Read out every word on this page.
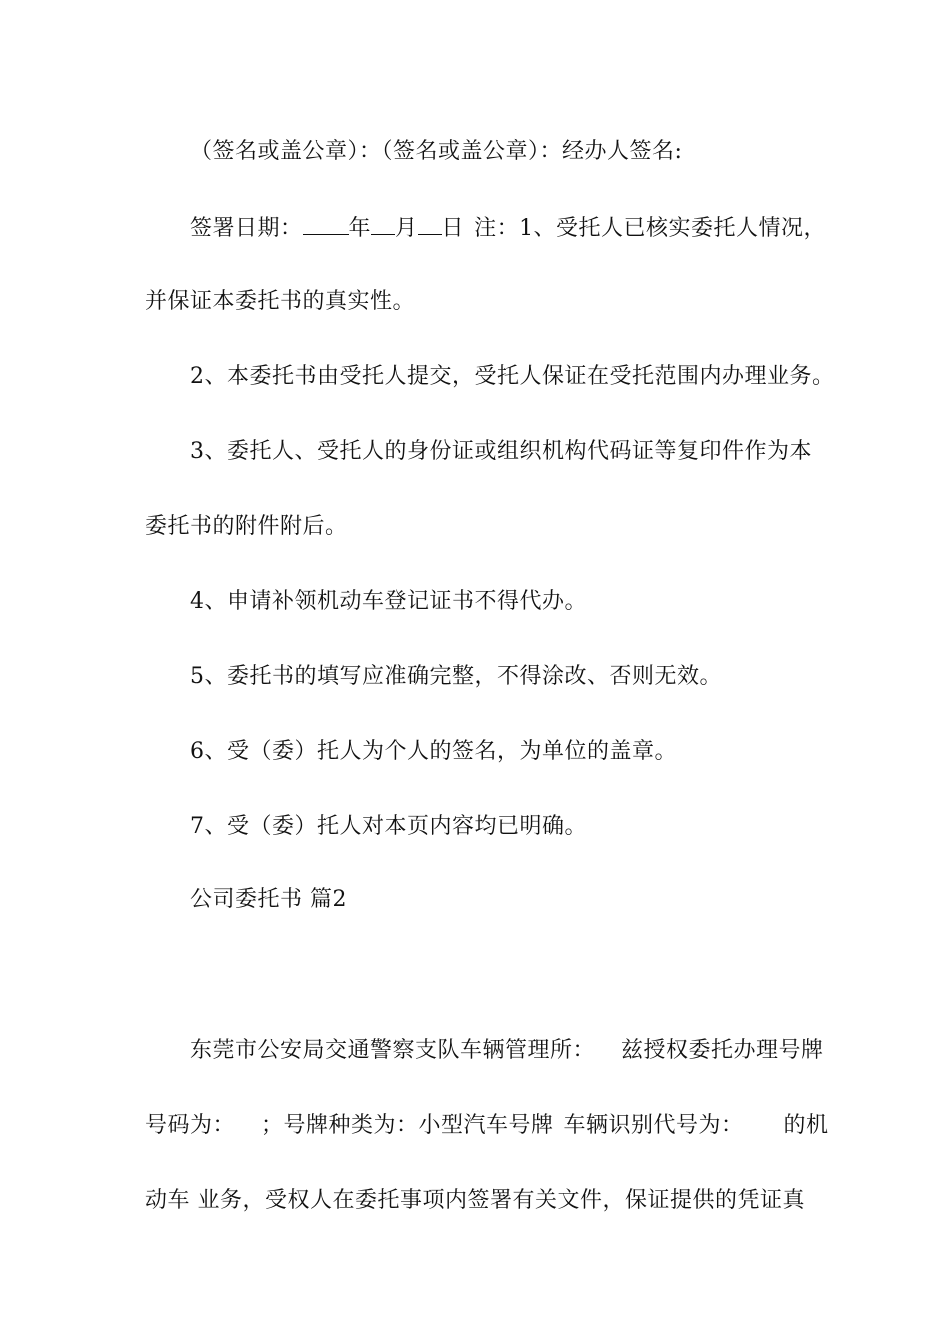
（签名或盖公章）：（签名或盖公章）：经办人签名:
签署日期： 年 月 日 注：1、受托人已核实委托人情况，
并保证本委托书的真实性。
2、本委托书由受托人提交，受托人保证在受托范围内办理业务。
3、委托人、受托人的身份证或组织机构代码证等复印件作为本
委托书的附件附后。
4、申请补领机动车登记证书不得代办。
5、委托书的填写应准确完整，不得涂改、否则无效。
6、受（委）托人为个人的签名，为单位的盖章。
7、受（委）托人对本页内容均已明确。
公司委托书 篇2
东莞市公安局交通警察支队车辆管理所： 兹授权委托办理号牌
号码为： ；号牌种类为：小型汽车号牌 车辆识别代号为： 的机
动车 业务，受权人在委托事项内签署有关文件，保证提供的凭证真
